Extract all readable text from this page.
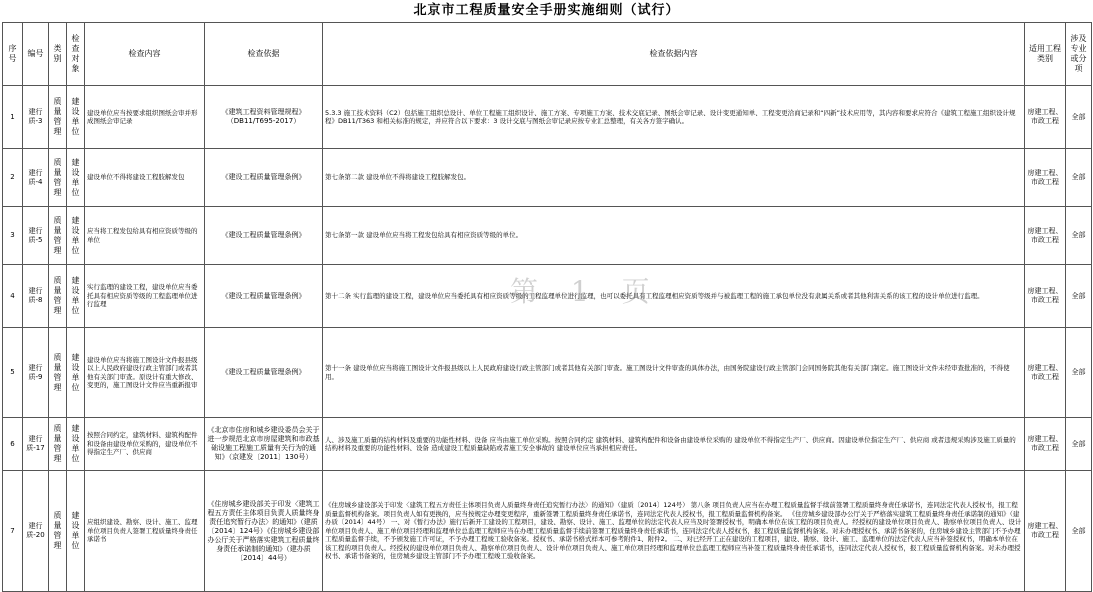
北京市工程质量安全手册实施细则（试行）
序号	编号	类别	检查对象	检查内容	检查依据	检查依据内容	适用工程类别	涉及专业或分项
1	建行质-3	质量管理	建设单位	建设单位应当按要求组织图纸会审并形成图纸会审记录	《建筑工程资料管理规程》（DB11/T695-2017）	5.3.3 施工技术资料（C2）包括施工组织总设计、单位工程施工组织设计、施工方案、专项施工方案、技术交底记录、图纸会审记录、设计变更通知单、工程变更洽商记录和“四新”技术应用等，其内容和要求应符合《建筑工程施工组织设计规程》DB11/T363 和相关标准的规定，并应符合以下要求：3 设计交底与图纸会审记录应按专业汇总整理，有关各方签字确认。	房建工程、市政工程	全部
2	建行质-4	质量管理	建设单位	建设单位不得将建设工程肢解发包	《建设工程质量管理条例》	第七条第二款 建设单位不得将建设工程肢解发包。	房建工程、市政工程	全部
3	建行质-5	质量管理	建设单位	应当将工程发包给具有相应资质等级的单位	《建设工程质量管理条例》	第七条第一款 建设单位应当将工程发包给具有相应资质等级的单位。	房建工程、市政工程	全部
4	建行质-8	质量管理	建设单位	实行监理的建设工程，建设单位应当委托具有相应资质等级的工程监理单位进行监理	《建设工程质量管理条例》	第十二条 实行监理的建设工程，建设单位应当委托具有相应资质等级的工程监理单位进行监理，也可以委托具有工程监理相应资质等级并与被监理工程的施工承包单位没有隶属关系或者其他利害关系的该工程的设计单位进行监理。	房建工程、市政工程	全部
5	建行质-9	质量管理	建设单位	建设单位应当将施工图设计文件报县级以上人民政府建设行政主管部门或者其他有关部门审查。原设计有重大修改、变更的，施工图设计文件应当重新报审	《建设工程质量管理条例》	第十一条 建设单位应当将施工图设计文件报县级以上人民政府建设行政主管部门或者其他有关部门审查。施工图设计文件审查的具体办法，由国务院建设行政主管部门会同国务院其他有关部门制定。施工图设计文件未经审查批准的，不得使用。	房建工程、市政工程	全部
6	建行质-17	质量管理	建设单位	按照合同约定，建筑材料、建筑构配件和设备由建设单位采购的，建设单位不得指定生产厂、供应商	《北京市住房和城乡建设委员会关于进一步规范北京市房屋建筑和市政基础设施工程施工质量有关行为的通知》（京建发〔2011〕130号）	人、涉及施工质量的结构材料及重要的功能性材料、设备 应当由施工单位采购。按照合同约定 建筑材料、建筑构配件和设备由建设单位采购的 建设单位不得指定生产厂、供应商。因建设单位指定生产厂、供应商 或者违规采购涉及施工质量的结构材料及重要的功能性材料、设备 造成建设工程质量缺陷或者施工安全事故的 建设单位应当承担相应责任。	房建工程、市政工程	全部
7	建行质-20	质量管理	建设单位	应组织建设、勘察、设计、施工、监理单位项目负责人签署工程质量终身责任承诺书	《住房城乡建设部关于印发〈建筑工程五方责任主体项目负责人质量终身责任追究暂行办法〉的通知》（建质〔2014〕124号）《住房城乡建设部办公厅关于严格落实建筑工程质量终身责任承诺制的通知》（建办质〔2014〕44号）	《住房城乡建设部关于印发〈建筑工程五方责任主体项目负责人质量终身责任追究暂行办法〉的通知》（建质〔2014〕124号） 第八条 项目负责人应当在办理工程质量监督手续前签署工程质量终身责任承诺书，连同法定代表人授权书，报工程质量监督机构备案。项目负责人如有更换的，应当按规定办理变更程序，重新签署工程质量终身责任承诺书，连同法定代表人授权书，报工程质量监督机构备案。 《住房城乡建设部办公厅关于严格落实建筑工程质量终身责任承诺制的通知》（建办质〔2014〕44号） 一、对《暂行办法》施行后新开工建设的工程项目，建设、勘察、设计、施工、监理单位的法定代表人应当及时签署授权书，明确本单位在该工程的项目负责人。经授权的建设单位项目负责人、勘察单位项目负责人、设计单位项目负责人、施工单位项目经理和监理单位总监理工程师应当在办理工程质量监督手续前签署工程质量终身责任承诺书，连同法定代表人授权书，报工程质量监督机构备案。对未办理授权书、承诺书备案的，住房城乡建设主管部门不予办理工程质量监督手续，不予颁发施工许可证，不予办理工程竣工验收备案。授权书、承诺书格式样本可参考附件1、附件2。 二、对已经开工正在建设的工程项目，建设、勘察、设计、施工、监理单位的法定代表人应当补签授权书，明确本单位在该工程的项目负责人。经授权的建设单位项目负责人、勘察单位项目负责人、设计单位项目负责人、施工单位项目经理和监理单位总监理工程师应当补签工程质量终身责任承诺书，连同法定代表人授权书，报工程质量监督机构备案。对未办理授权书、承诺书备案的，住房城乡建设主管部门不予办理工程竣工验收备案。	房建工程、市政工程	全部
第 1 页
